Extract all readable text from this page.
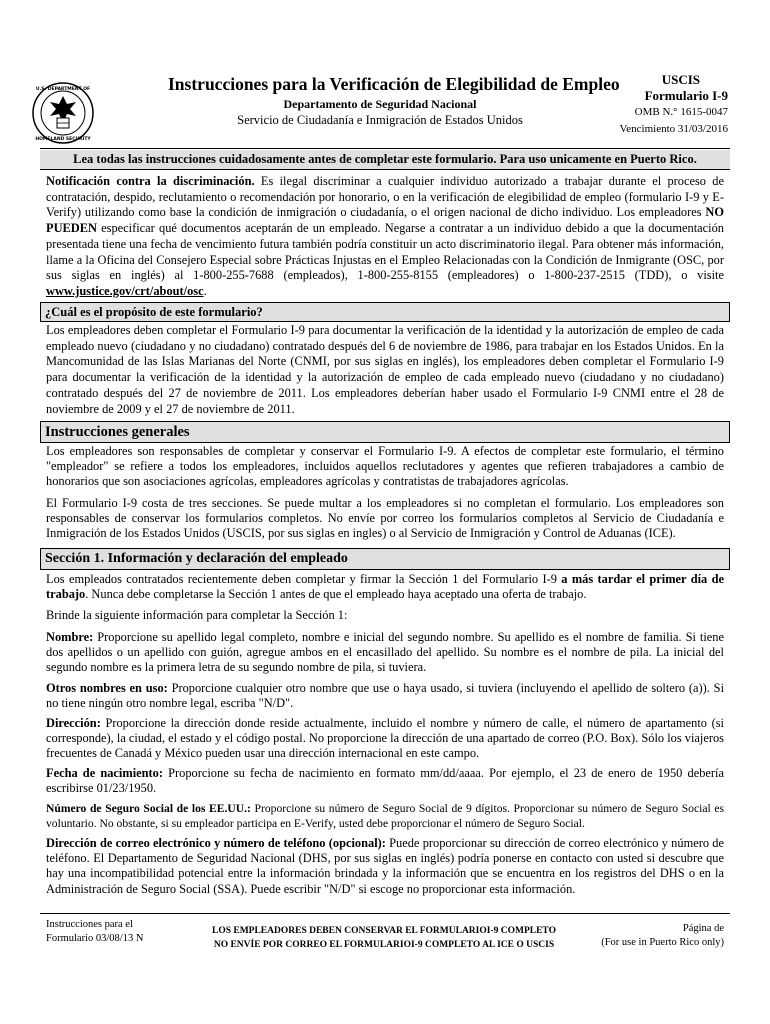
U.S. DEPARTMENT OF
HOMELAND SECURITY
Instrucciones para la Verificación de Elegibilidad de Empleo
Departamento de Seguridad Nacional
Servicio de Ciudadanía e Inmigración de Estados Unidos
USCIS
Formulario I-9
OMB N.° 1615-0047
Vencimiento 31/03/2016
Lea todas las instrucciones cuidadosamente antes de completar este formulario. Para uso unicamente en Puerto Rico.
Notificación contra la discriminación. Es ilegal discriminar a cualquier individuo autorizado a trabajar durante el proceso de contratación, despido, reclutamiento o recomendación por honorario, o en la verificación de elegibilidad de empleo (formulario I-9 y E-Verify) utilizando como base la condición de inmigración o ciudadanía, o el origen nacional de dicho individuo. Los empleadores NO PUEDEN especificar qué documentos aceptarán de un empleado. Negarse a contratar a un individuo debido a que la documentación presentada tiene una fecha de vencimiento futura también podría constituir un acto discriminatorio ilegal. Para obtener más información, llame a la Oficina del Consejero Especial sobre Prácticas Injustas en el Empleo Relacionadas con la Condición de Inmigrante (OSC, por sus siglas en inglés) al 1-800-255-7688 (empleados), 1-800-255-8155 (empleadores) o 1-800-237-2515 (TDD), o visite www.justice.gov/crt/about/osc.
¿Cuál es el propósito de este formulario?
Los empleadores deben completar el Formulario I-9 para documentar la verificación de la identidad y la autorización de empleo de cada empleado nuevo (ciudadano y no ciudadano) contratado después del 6 de noviembre de 1986, para trabajar en los Estados Unidos. En la Mancomunidad de las Islas Marianas del Norte (CNMI, por sus siglas en inglés), los empleadores deben completar el Formulario I-9 para documentar la verificación de la identidad y la autorización de empleo de cada empleado nuevo (ciudadano y no ciudadano) contratado después del 27 de noviembre de 2011. Los empleadores deberían haber usado el Formulario I-9 CNMI entre el 28 de noviembre de 2009 y el 27 de noviembre de 2011.
Instrucciones generales
Los empleadores son responsables de completar y conservar el Formulario I-9. A efectos de completar este formulario, el término "empleador" se refiere a todos los empleadores, incluidos aquellos reclutadores y agentes que refieren trabajadores a cambio de honorarios que son asociaciones agrícolas, empleadores agrícolas y contratistas de trabajadores agrícolas.
El Formulario I-9 costa de tres secciones. Se puede multar a los empleadores si no completan el formulario. Los empleadores son responsables de conservar los formularios completos. No envíe por correo los formularios completos al Servicio de Ciudadanía e Inmigración de los Estados Unidos (USCIS, por sus siglas en ingles) o al Servicio de Inmigración y Control de Aduanas (ICE).
Sección 1. Información y declaración del empleado
Los empleados contratados recientemente deben completar y firmar la Sección 1 del Formulario I-9 a más tardar el primer día de trabajo. Nunca debe completarse la Sección 1 antes de que el empleado haya aceptado una oferta de trabajo.
Brinde la siguiente información para completar la Sección 1:
Nombre: Proporcione su apellido legal completo, nombre e inicial del segundo nombre. Su apellido es el nombre de familia. Si tiene dos apellidos o un apellido con guión, agregue ambos en el encasillado del apellido. Su nombre es el nombre de pila. La inicial del segundo nombre es la primera letra de su segundo nombre de pila, si tuviera.
Otros nombres en uso: Proporcione cualquier otro nombre que use o haya usado, si tuviera (incluyendo el apellido de soltero (a)). Si no tiene ningún otro nombre legal, escriba "N/D".
Dirección: Proporcione la dirección donde reside actualmente, incluido el nombre y número de calle, el número de apartamento (si corresponde), la ciudad, el estado y el código postal. No proporcione la dirección de una apartado de correo (P.O. Box). Sólo los viajeros frecuentes de Canadá y México pueden usar una dirección internacional en este campo.
Fecha de nacimiento: Proporcione su fecha de nacimiento en formato mm/dd/aaaa. Por ejemplo, el 23 de enero de 1950 debería escribirse 01/23/1950.
Número de Seguro Social de los EE.UU.: Proporcione su número de Seguro Social de 9 dígitos. Proporcionar su número de Seguro Social es voluntario. No obstante, si su empleador participa en E-Verify, usted debe proporcionar el número de Seguro Social.
Dirección de correo electrónico y número de teléfono (opcional): Puede proporcionar su dirección de correo electrónico y número de teléfono. El Departamento de Seguridad Nacional (DHS, por sus siglas en inglés) podría ponerse en contacto con usted si descubre que hay una incompatibilidad potencial entre la información brindada y la información que se encuentra en los registros del DHS o en la Administración de Seguro Social (SSA). Puede escribir "N/D" si escoge no proporcionar esta información.
Instrucciones para el
Formulario 03/08/13 N
LOS EMPLEADORES DEBEN CONSERVAR EL FORMULARIOI-9 COMPLETO
NO ENVÍE POR CORREO EL FORMULARIOI-9 COMPLETO AL ICE O USCIS
Página de
(For use in Puerto Rico only)
